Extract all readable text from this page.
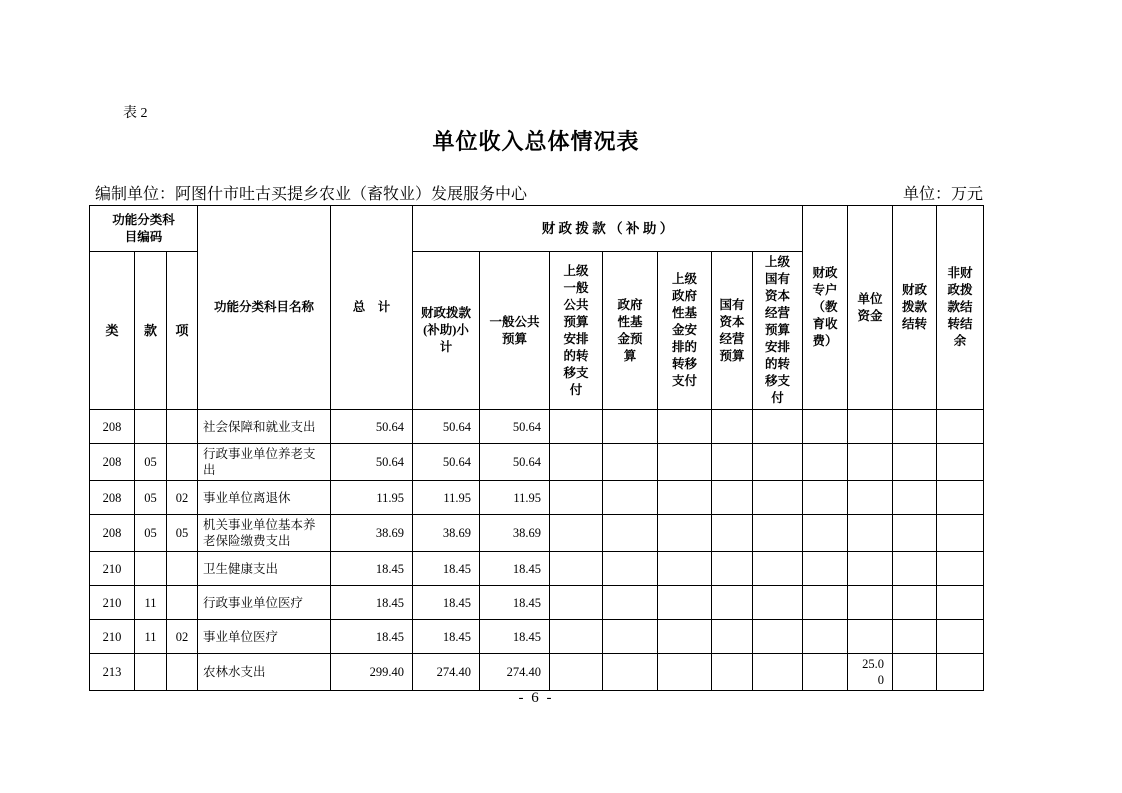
表 2
单位收入总体情况表
编制单位：阿图什市吐古买提乡农业（畜牧业）发展服务中心	单位：万元
功能分类科目编码			功能分类科目名称	总　计	财 政 拨 款 （ 补 助 ）							财政专户（教育收费）	单位资金	财政拨款结转	非财政拨款结转结余
类	款	项			财政拨款(补助)小计	一般公共预算	上级一般公共预算安排的转移支付	政府性基金预算	上级政府性基金安排的转移支付	国有资本经营预算	上级国有资本经营预算安排的转移支付				
208			社会保障和就业支出	50.64	50.64	50.64									
208	05		行政事业单位养老支出	50.64	50.64	50.64									
208	05	02	事业单位离退休	11.95	11.95	11.95									
208	05	05	机关事业单位基本养老保险缴费支出	38.69	38.69	38.69									
210			卫生健康支出	18.45	18.45	18.45									
210	11		行政事业单位医疗	18.45	18.45	18.45									
210	11	02	事业单位医疗	18.45	18.45	18.45									
213			农林水支出	299.40	274.40	274.40							25.00		
- 6 -
